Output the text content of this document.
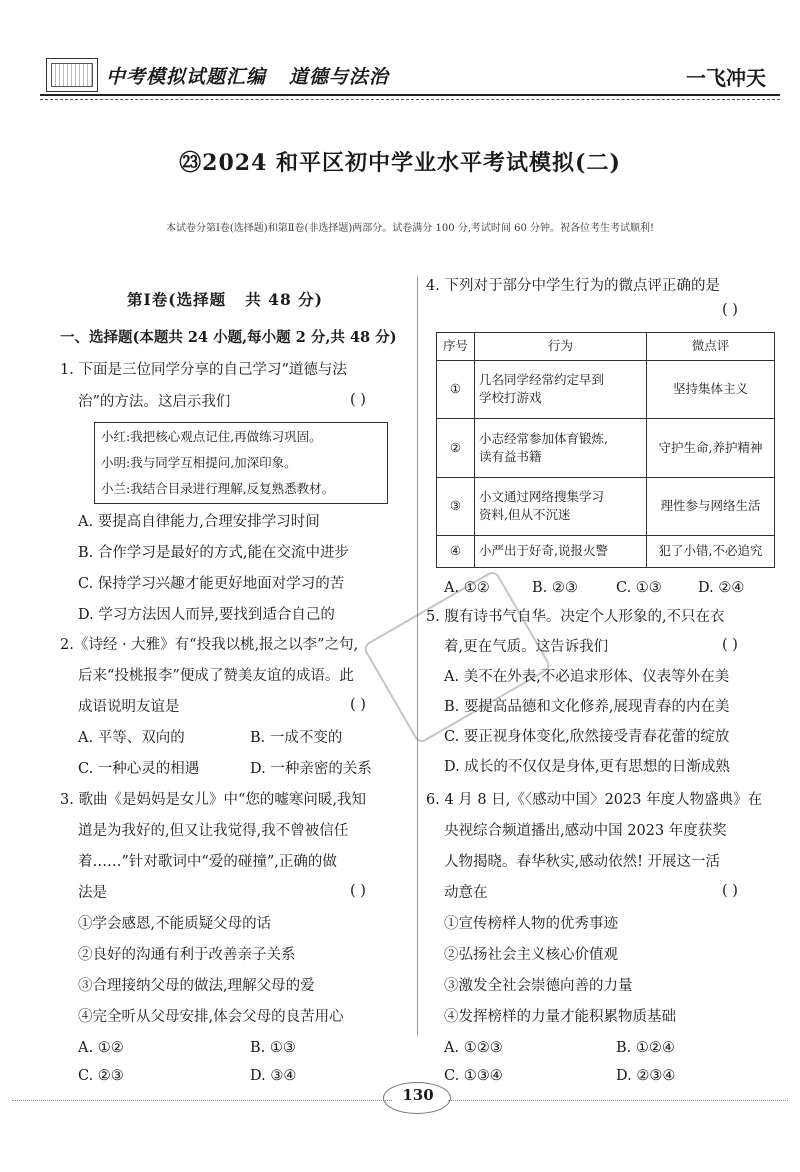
中考模拟试题汇编 道德与法治	一飞冲天
㉓2024 和平区初中学业水平考试模拟(二)
本试卷分第Ⅰ卷(选择题)和第Ⅱ卷(非选择题)两部分。试卷满分 100 分,考试时间 60 分钟。祝各位考生考试顺利!
第Ⅰ卷(选择题   共 48 分)
一、选择题(本题共 24 小题,每小题 2 分,共 48 分)
1. 下面是三位同学分享的自己学习“道德与法
治”的方法。这启示我们	( )
小红:我把核心观点记住,再做练习巩固。
小明:我与同学互相提问,加深印象。
小兰:我结合目录进行理解,反复熟悉教材。
A. 要提高自律能力,合理安排学习时间
B. 合作学习是最好的方式,能在交流中进步
C. 保持学习兴趣才能更好地面对学习的苦
D. 学习方法因人而异,要找到适合自己的
2.《诗经 · 大雅》有“投我以桃,报之以李”之句,
后来“投桃报李”便成了赞美友谊的成语。此
成语说明友谊是	( )
A. 平等、双向的	B. 一成不变的
C. 一种心灵的相遇	D. 一种亲密的关系
3. 歌曲《是妈妈是女儿》中“您的嘘寒问暖,我知
道是为我好的,但又让我觉得,我不曾被信任
着……”针对歌词中“爱的碰撞”,正确的做
法是	( )
①学会感恩,不能质疑父母的话
②良好的沟通有利于改善亲子关系
③合理接纳父母的做法,理解父母的爱
④完全听从父母安排,体会父母的良苦用心
A. ①②	B. ①③
C. ②③	D. ③④
4. 下列对于部分中学生行为的微点评正确的是
( )
序号	行为	微点评
①	几名同学经常约定早到
学校打游戏	坚持集体主义
②	小志经常参加体育锻炼,
读有益书籍	守护生命,养护精神
③	小文通过网络搜集学习
资料,但从不沉迷	理性参与网络生活
④	小严出于好奇,说报火警	犯了小错,不必追究
A. ①②	B. ②③	C. ①③ D. ②④
5. 腹有诗书气自华。决定个人形象的,不只在衣
着,更在气质。这告诉我们	( )
A. 美不在外表,不必追求形体、仪表等外在美
B. 要提高品德和文化修养,展现青春的内在美
C. 要正视身体变化,欣然接受青春花蕾的绽放
D. 成长的不仅仅是身体,更有思想的日渐成熟
6. 4 月 8 日,《〈感动中国〉2023 年度人物盛典》在
央视综合频道播出,感动中国 2023 年度获奖
人物揭晓。春华秋实,感动依然! 开展这一活
动意在	( )
①宣传榜样人物的优秀事迹
②弘扬社会主义核心价值观
③激发全社会崇德向善的力量
④发挥榜样的力量才能积累物质基础
A. ①②③	B. ①②④
C. ①③④	D. ②③④
130
